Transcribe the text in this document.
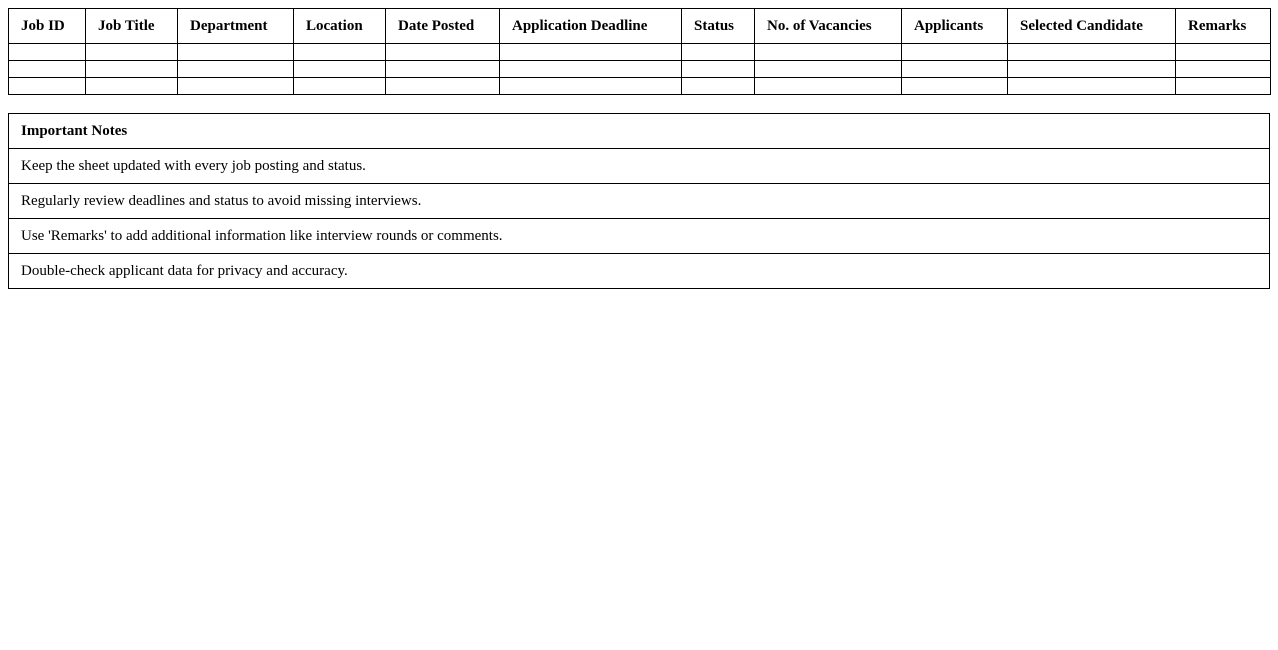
Job ID	Job Title	Department	Location	Date Posted	Application Deadline	Status	No. of Vacancies	Applicants	Selected Candidate	Remarks

Important Notes
Keep the sheet updated with every job posting and status.
Regularly review deadlines and status to avoid missing interviews.
Use 'Remarks' to add additional information like interview rounds or comments.
Double-check applicant data for privacy and accuracy.
